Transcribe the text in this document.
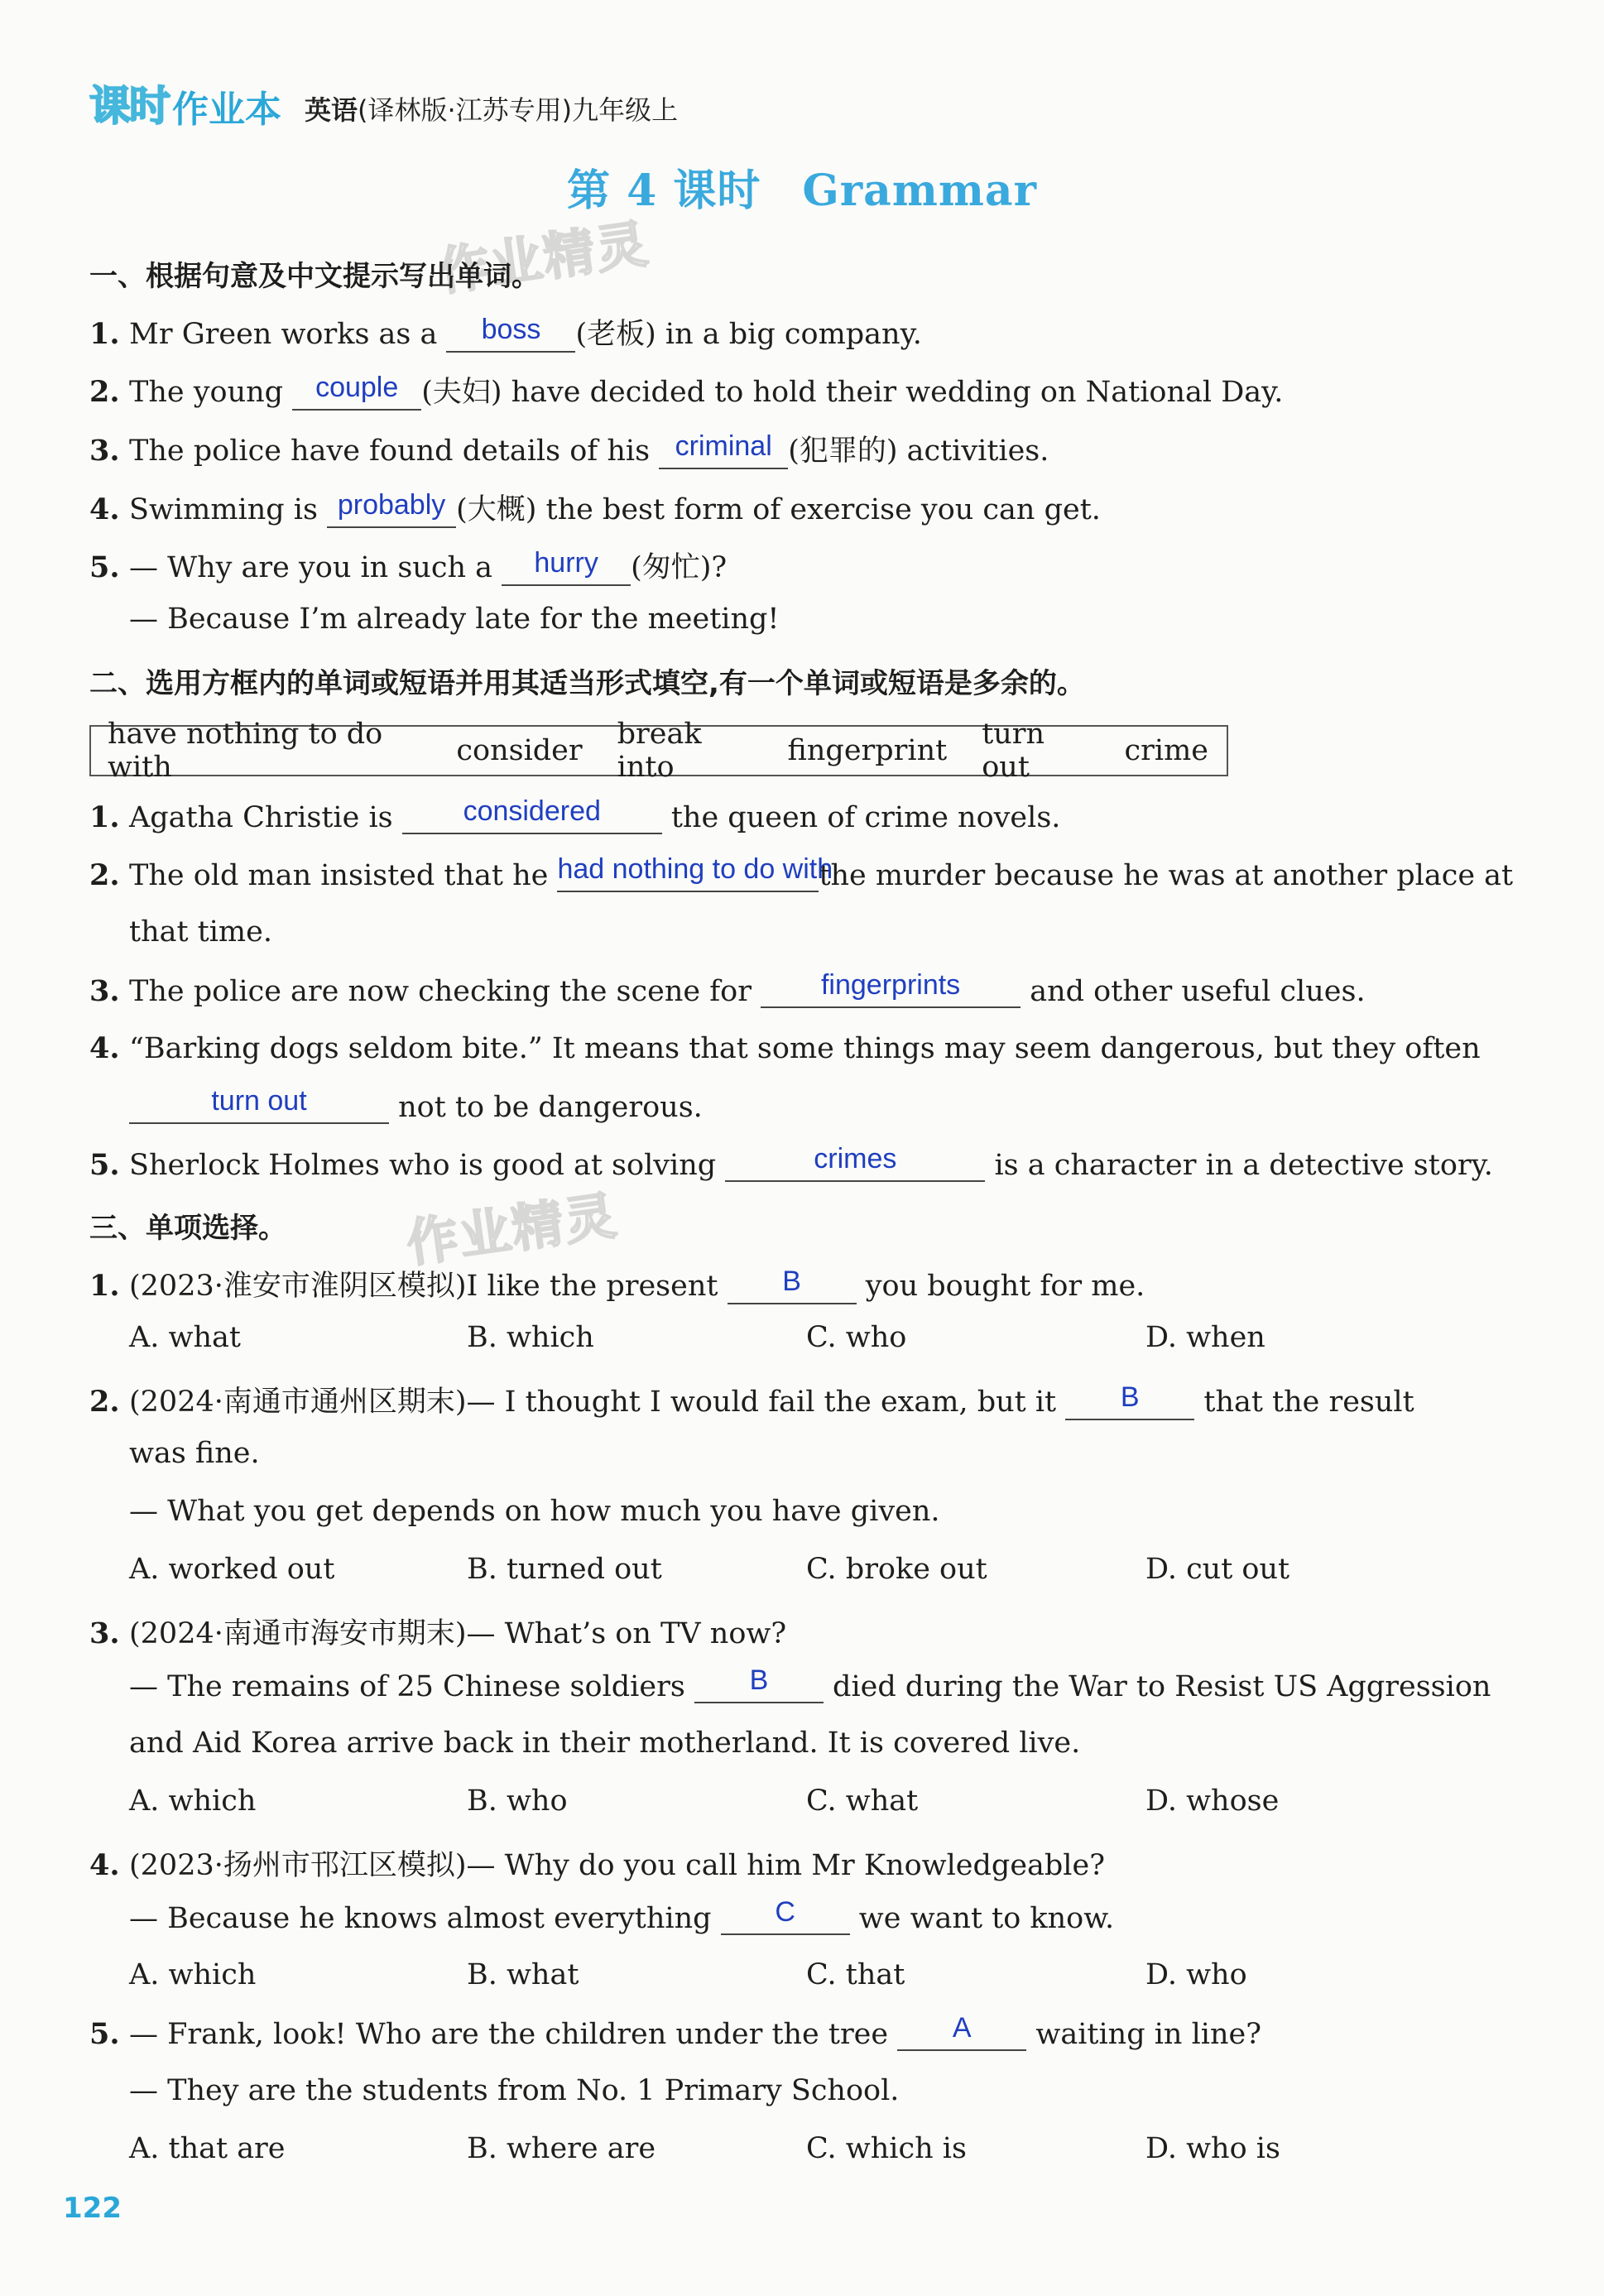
课时 作业本 英语(译林版·江苏专用)九年级上
第 4 课时 Grammar
作业精灵
作业精灵
一、根据句意及中文提示写出单词。
1. Mr Green works as a	boss	(老板) in a big company.
2. The young couple (夫妇) have decided to hold their wedding on National Day.
3. The police have found details of his criminal (犯罪的) activities.
4. Swimming is probably (大概) the best form of exercise you can get.
5. — Why are you in such a	hurry	(匆忙)?
— Because I’m already late for the meeting!
二、选用方框内的单词或短语并用其适当形式填空,有一个单词或短语是多余的。
have nothing to do with	consider break into	fingerprint turn out	crime
1. Agatha Christie is	considered	the queen of crime novels.
2. The old man insisted that he had nothing to do with
the murder because he was at another place at
that time.
3. The police are now checking the scene for	fingerprints	and other useful clues.
4. “Barking dogs seldom bite.” It means that some things may seem dangerous, but they often
turn out	not to be dangerous.
5. Sherlock Holmes who is good at solving	crimes	is a character in a detective story.
三、单项选择。
1. (2023·淮安市淮阴区模拟)I like the present	B	you bought for me.
A. what	B. which	C. who	D. when
2. (2024·南通市通州区期末)— I thought I would fail the exam, but it	B	that the result
was fine.
— What you get depends on how much you have given.
A. worked out	B. turned out	C. broke out	D. cut out
3. (2024·南通市海安市期末)— What’s on TV now?
— The remains of 25 Chinese soldiers	B	died during the War to Resist US Aggression
and Aid Korea arrive back in their motherland. It is covered live.
A. which	B. who	C. what	D. whose
4. (2023·扬州市邗江区模拟)— Why do you call him Mr Knowledgeable?
— Because he knows almost everything	C	we want to know.
A. which	B. what	C. that	D. who
5. — Frank, look! Who are the children under the tree	A	waiting in line?
— They are the students from No. 1 Primary School.
A. that are	B. where are	C. which is	D. who is
122
